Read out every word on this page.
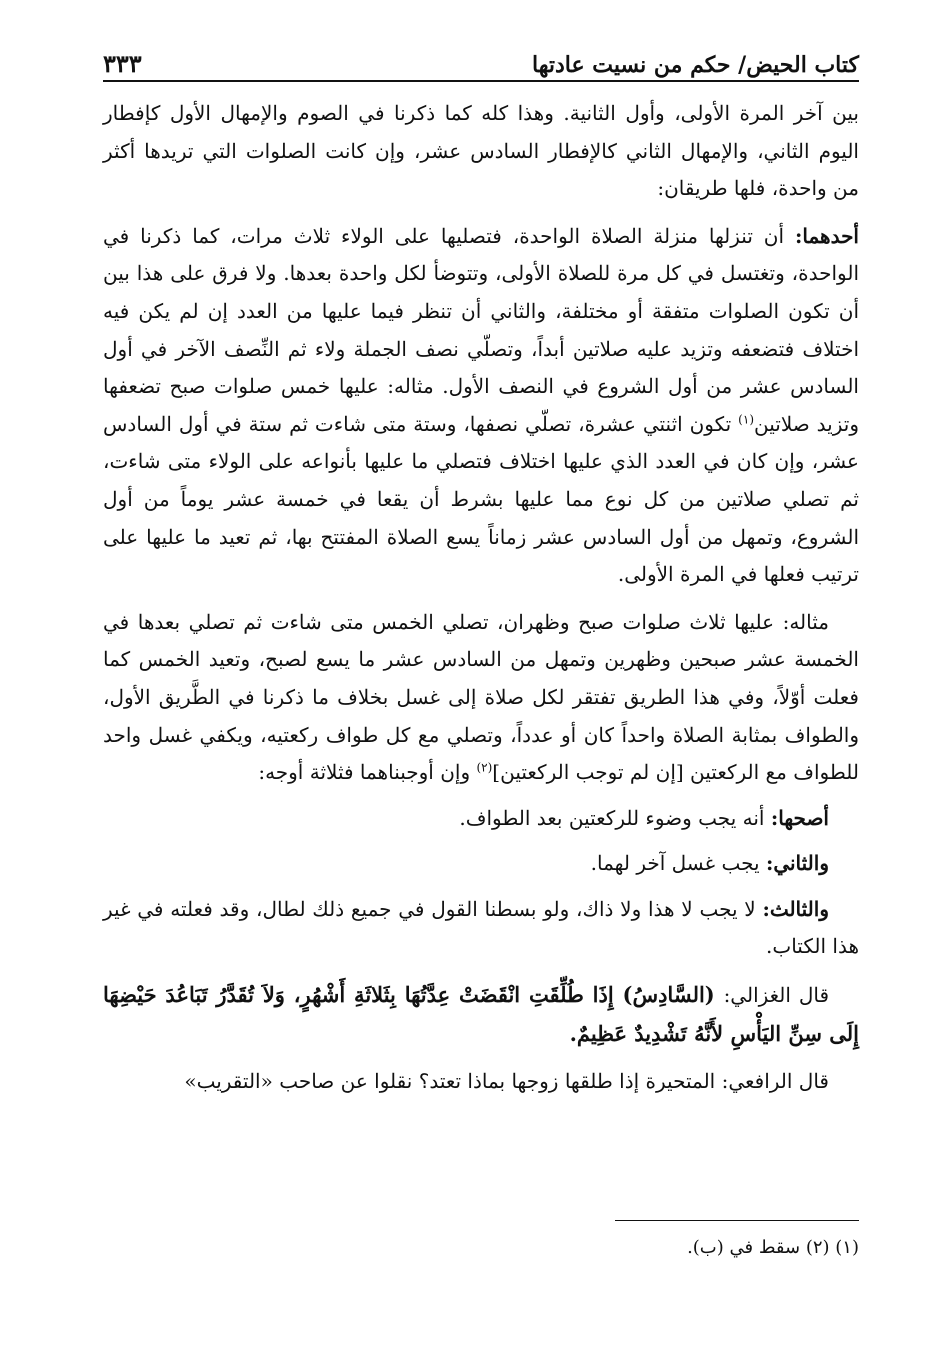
كتاب الحيض/ حكم من نسيت عادتها
٣٣٣

بين آخر المرة الأولى، وأول الثانية. وهذا كله كما ذكرنا في الصوم والإمهال الأول كإفطار اليوم الثاني، والإمهال الثاني كالإفطار السادس عشر، وإن كانت الصلوات التي تريدها أكثر من واحدة، فلها طريقان:

أحدهما: أن تنزلها منزلة الصلاة الواحدة، فتصليها على الولاء ثلاث مرات، كما ذكرنا في الواحدة، وتغتسل في كل مرة للصلاة الأولى، وتتوضأ لكل واحدة بعدها. ولا فرق على هذا بين أن تكون الصلوات متفقة أو مختلفة، والثاني أن تنظر فيما عليها من العدد إن لم يكن فيه اختلاف فتضعفه وتزيد عليه صلاتين أبداً، وتصلّي نصف الجملة ولاء ثم النِّصف الآخر في أول السادس عشر من أول الشروع في النصف الأول. مثاله: عليها خمس صلوات صبح تضعفها وتزيد صلاتين$^{(١)}$ تكون اثنتي عشرة، تصلّي نصفها، وستة متى شاءت ثم ستة في أول السادس عشر، وإن كان في العدد الذي عليها اختلاف فتصلي ما عليها بأنواعه على الولاء متى شاءت، ثم تصلي صلاتين من كل نوع مما عليها بشرط أن يقعا في خمسة عشر يوماً من أول الشروع، وتمهل من أول السادس عشر زماناً يسع الصلاة المفتتح بها، ثم تعيد ما عليها على ترتيب فعلها في المرة الأولى.

مثاله: عليها ثلاث صلوات صبح وظهران، تصلي الخمس متى شاءت ثم تصلي بعدها في الخمسة عشر صبحين وظهرين وتمهل من السادس عشر ما يسع لصبح، وتعيد الخمس كما فعلت أوّلاً، وفي هذا الطريق تفتقر لكل صلاة إلى غسل بخلاف ما ذكرنا في الطَّريق الأول، والطواف بمثابة الصلاة واحداً كان أو عدداً، وتصلي مع كل طواف ركعتيه، ويكفي غسل واحد للطواف مع الركعتين [إن لم توجب الركعتين]$^{(٢)}$ وإن أوجبناهما فثلاثة أوجه:

أصحها: أنه يجب وضوء للركعتين بعد الطواف.

والثاني: يجب غسل آخر لهما.

والثالث: لا يجب لا هذا ولا ذاك، ولو بسطنا القول في جميع ذلك لطال، وقد فعلته في غير هذا الكتاب.

قال الغزالي: (السَّادِسُ) إِذَا طُلِّقَتِ انْقَضَتْ عِدَّتُهَا بِثَلاثَةِ أَشْهُرٍ، وَلاَ تُقَدَّرُ تَبَاعُدَ حَيْضِهَا إِلَى سِنِّ اليَأْسِ لأَنَّهُ تَشْدِيدٌ عَظِيمٌ.

قال الرافعي: المتحيرة إذا طلقها زوجها بماذا تعتد؟ نقلوا عن صاحب «التقريب»

(١) (٢) سقط في (ب).
